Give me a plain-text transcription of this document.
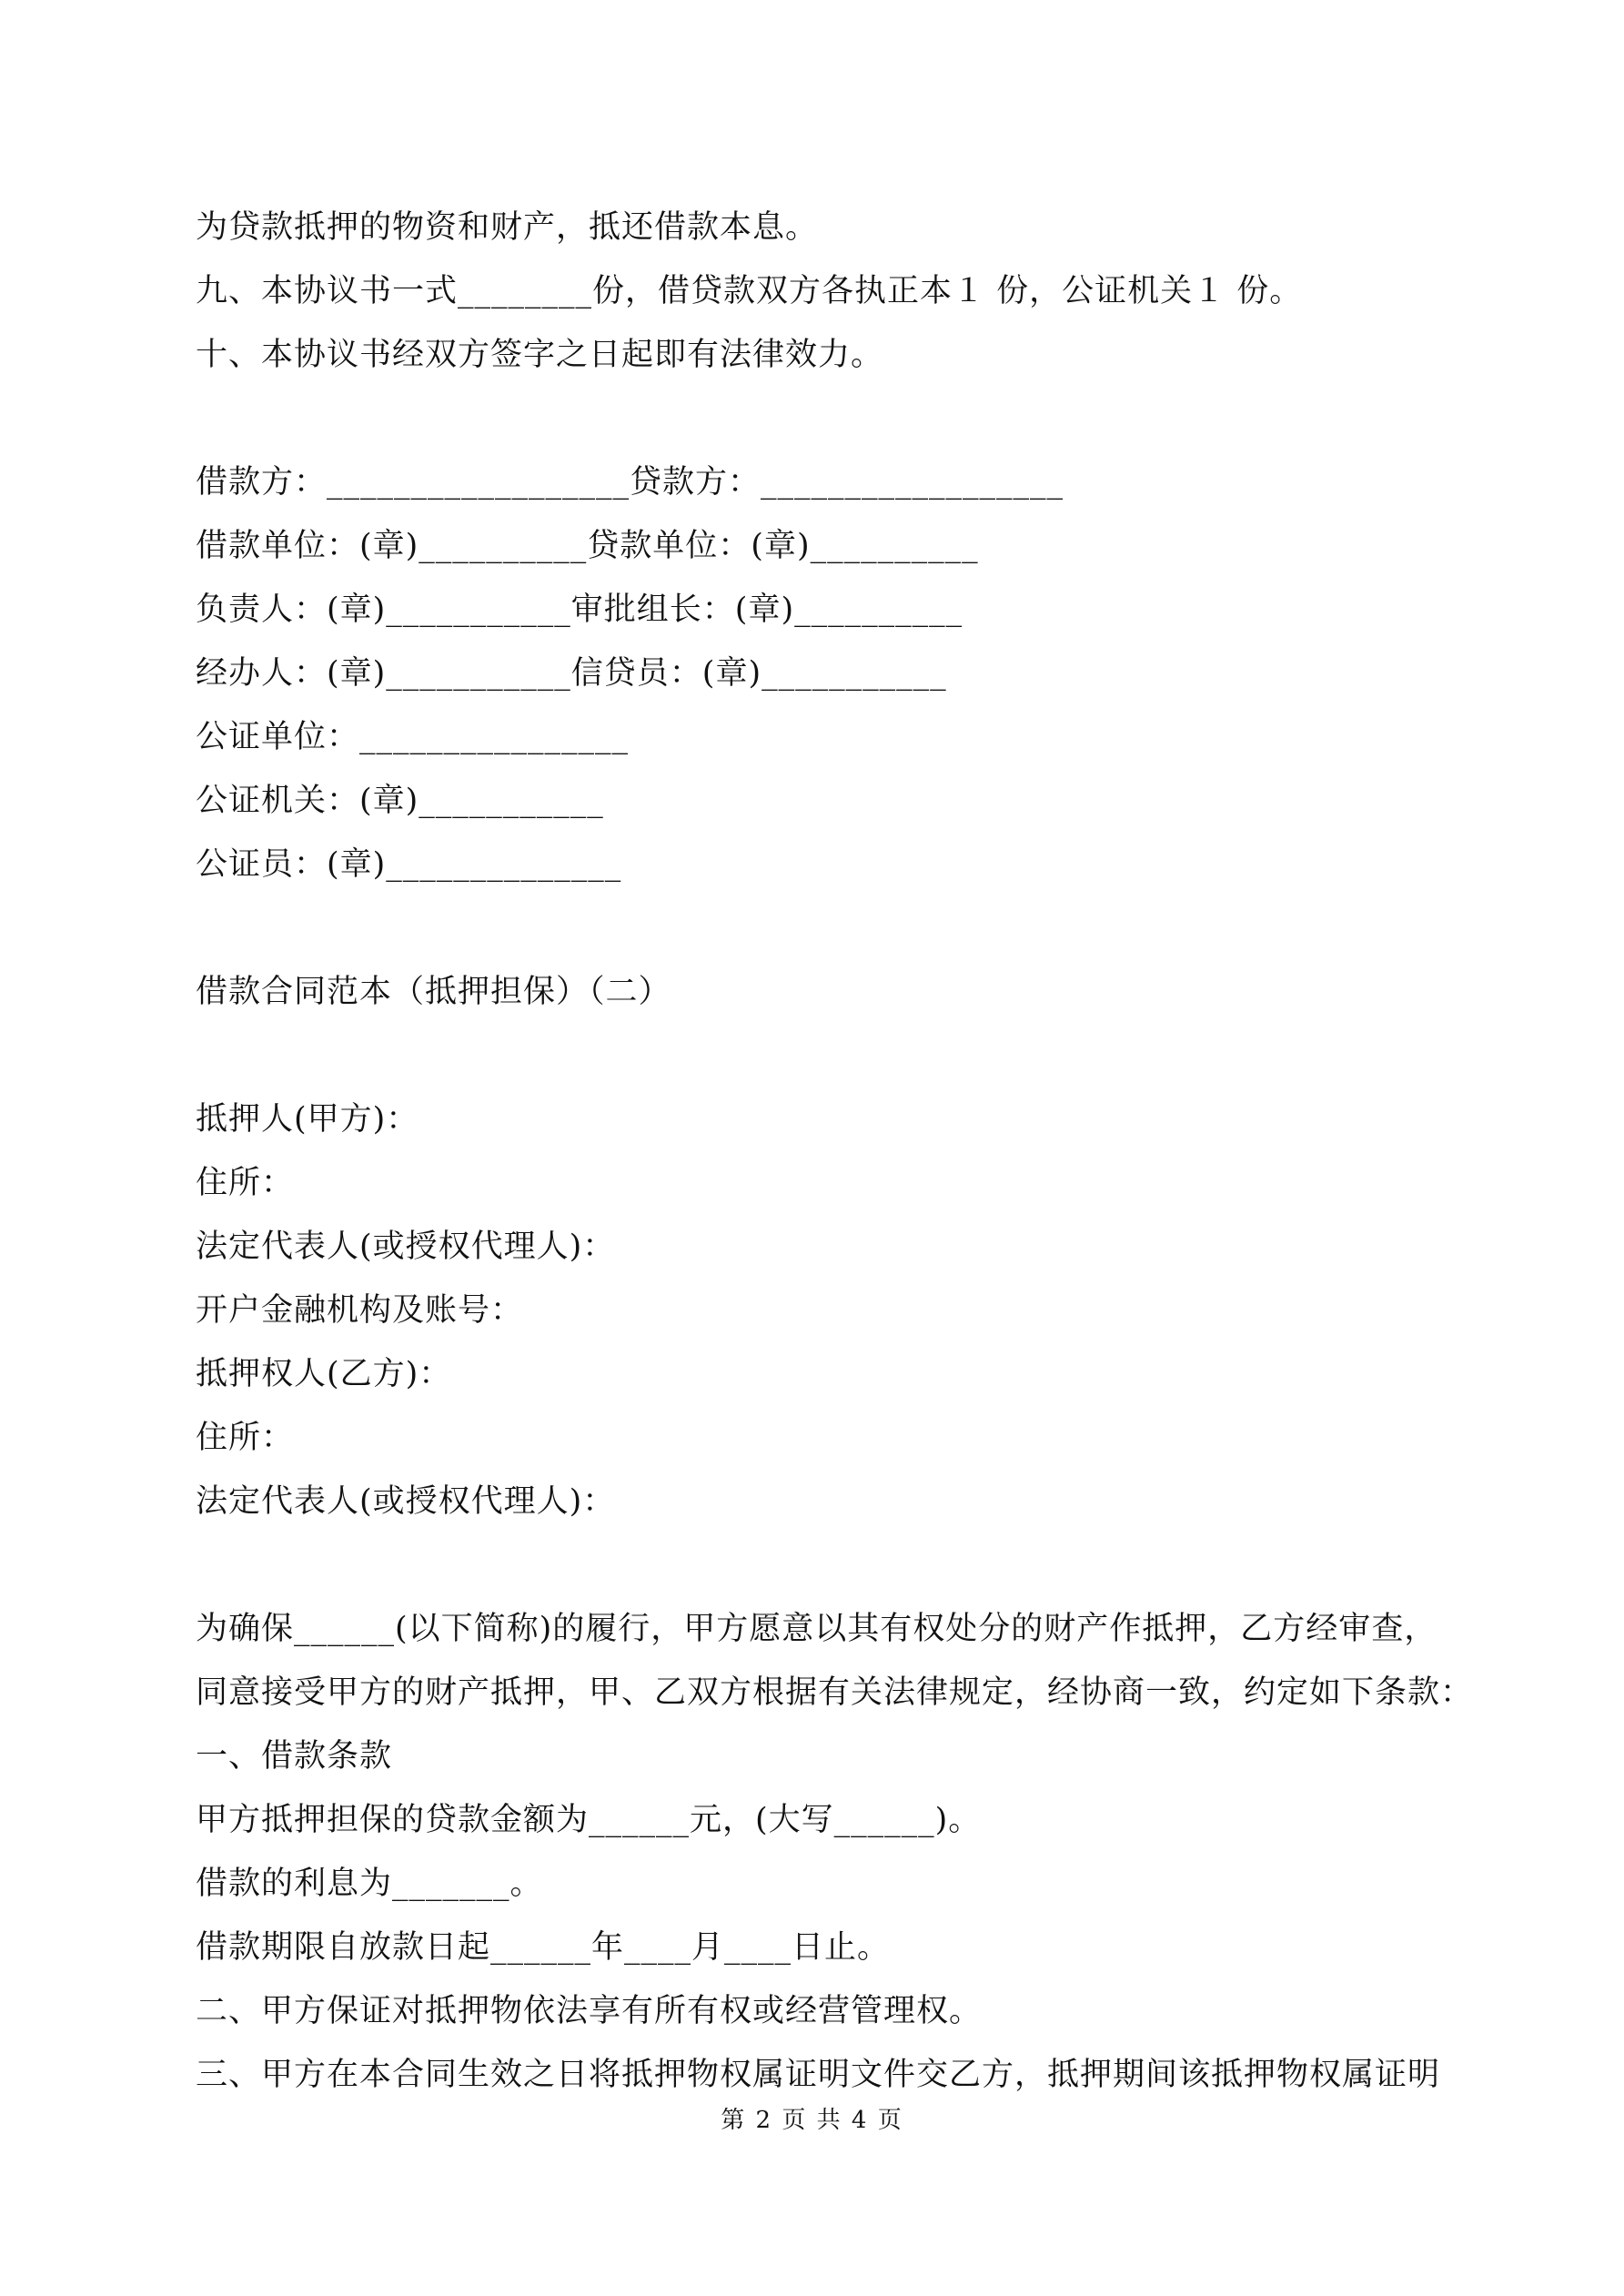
为贷款抵押的物资和财产，抵还借款本息。
九、本协议书一式________份，借贷款双方各执正本１ 份，公证机关１ 份。
十、本协议书经双方签字之日起即有法律效力。
借款方：__________________贷款方：__________________
借款单位：(章)__________贷款单位：(章)__________
负责人：(章)___________审批组长：(章)__________
经办人：(章)___________信贷员：(章)___________
公证单位：________________
公证机关：(章)___________
公证员：(章)______________
借款合同范本（抵押担保）（二）
抵押人(甲方)：
住所：
法定代表人(或授权代理人)：
开户金融机构及账号：
抵押权人(乙方)：
住所：
法定代表人(或授权代理人)：
为确保______(以下简称)的履行，甲方愿意以其有权处分的财产作抵押，乙方经审查，
同意接受甲方的财产抵押，甲、乙双方根据有关法律规定，经协商一致，约定如下条款：
一、借款条款
甲方抵押担保的贷款金额为______元，(大写______)。
借款的利息为_______。
借款期限自放款日起______年____月____日止。
二、甲方保证对抵押物依法享有所有权或经营管理权。
三、甲方在本合同生效之日将抵押物权属证明文件交乙方，抵押期间该抵押物权属证明
第 2 页 共 4 页
